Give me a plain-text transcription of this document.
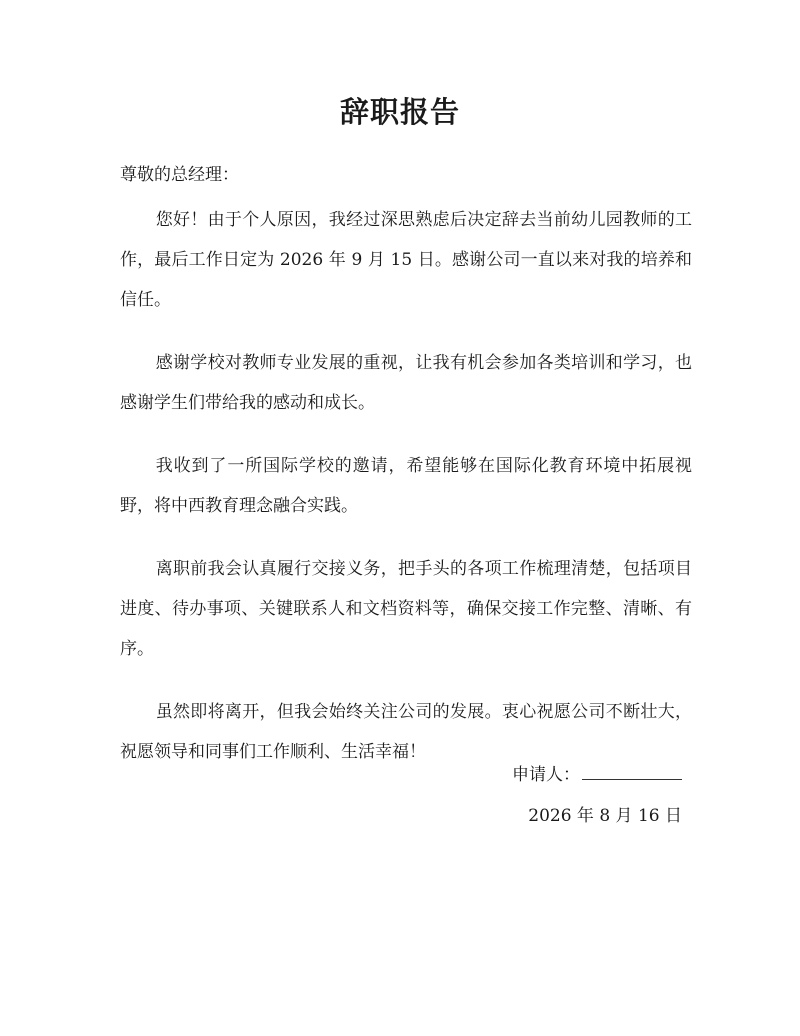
辞职报告

尊敬的总经理：

您好！由于个人原因，我经过深思熟虑后决定辞去当前幼儿园教师的工作，最后工作日定为 2026 年 9 月 15 日。感谢公司一直以来对我的培养和信任。

感谢学校对教师专业发展的重视，让我有机会参加各类培训和学习，也感谢学生们带给我的感动和成长。

我收到了一所国际学校的邀请，希望能够在国际化教育环境中拓展视野，将中西教育理念融合实践。

离职前我会认真履行交接义务，把手头的各项工作梳理清楚，包括项目进度、待办事项、关键联系人和文档资料等，确保交接工作完整、清晰、有序。

虽然即将离开，但我会始终关注公司的发展。衷心祝愿公司不断壮大，祝愿领导和同事们工作顺利、生活幸福！

申请人：
2026 年 8 月 16 日
